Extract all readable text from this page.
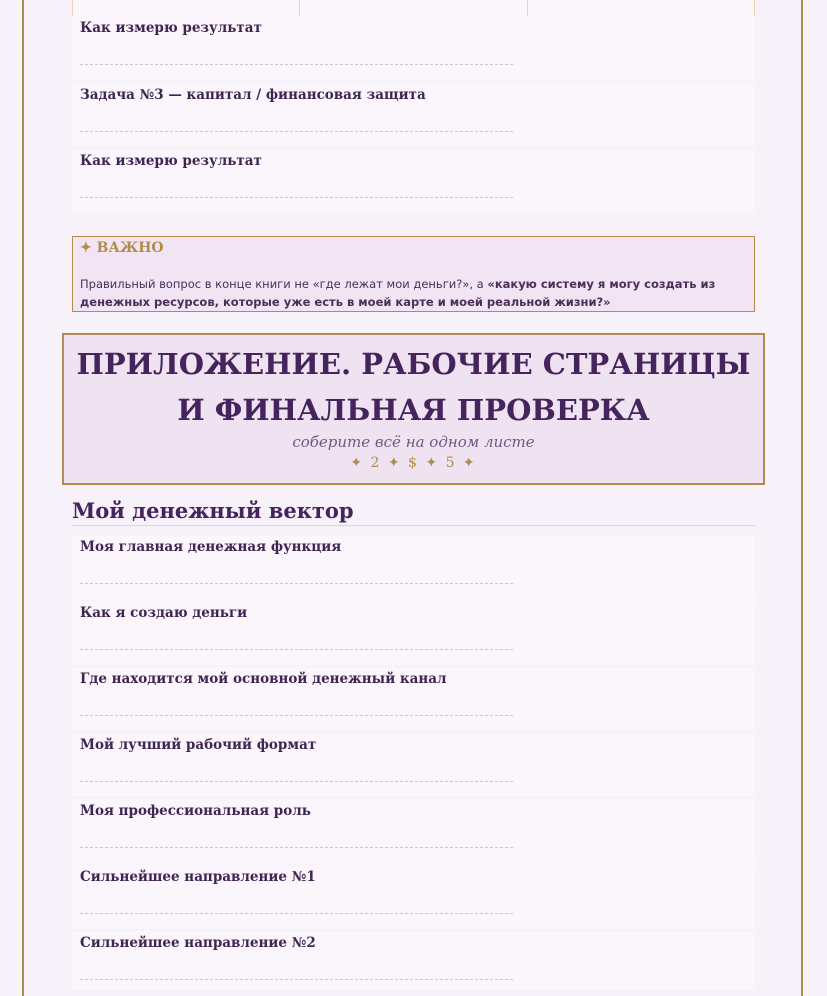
Как измерю результат
Задача №3 — капитал / финансовая защита
Как измерю результат
✦ ВАЖНО
Правильный вопрос в конце книги не «где лежат мои деньги?», а «какую систему я могу создать из денежных ресурсов, которые уже есть в моей карте и моей реальной жизни?»
ПРИЛОЖЕНИЕ. РАБОЧИЕ СТРАНИЦЫ И ФИНАЛЬНАЯ ПРОВЕРКА
соберите всё на одном листе
✦ 2 ✦ $ ✦ 5 ✦
Мой денежный вектор
Моя главная денежная функция
Как я создаю деньги
Где находится мой основной денежный канал
Мой лучший рабочий формат
Моя профессиональная роль
Сильнейшее направление №1
Сильнейшее направление №2
